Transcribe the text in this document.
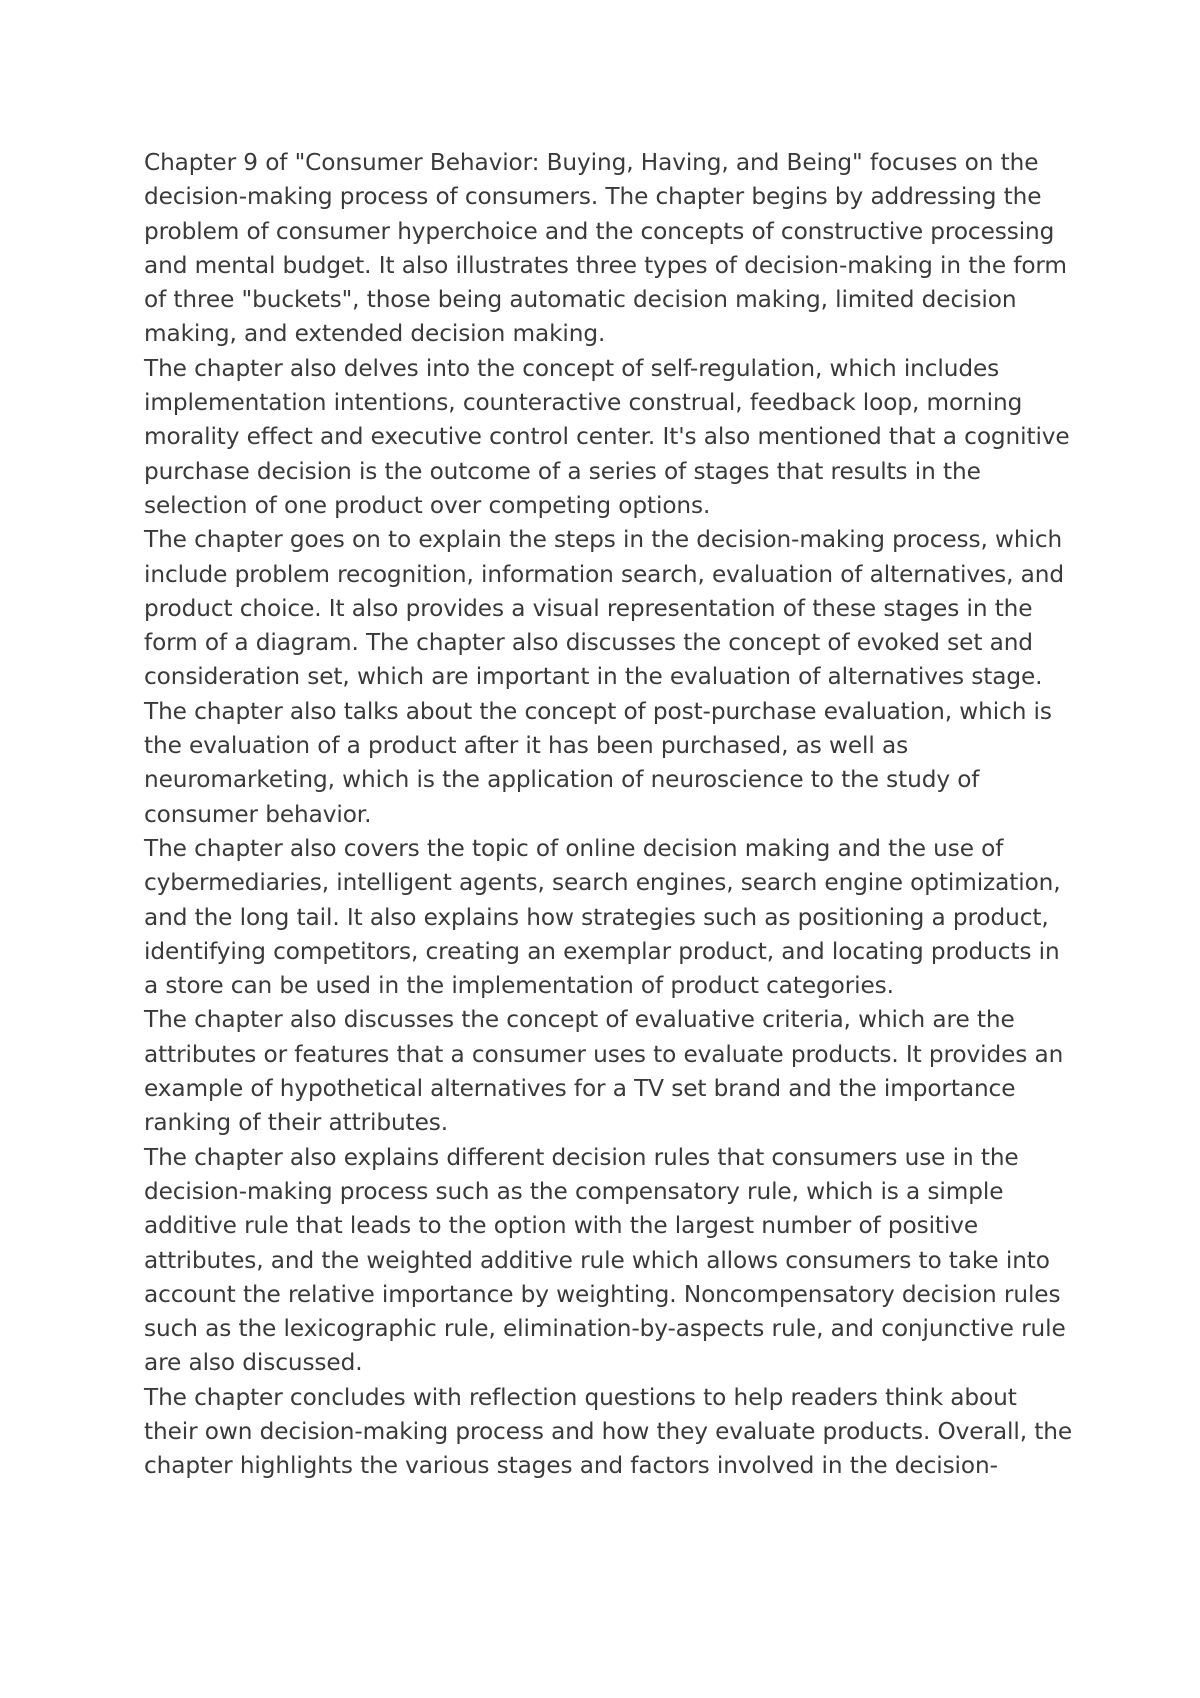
Chapter 9 of "Consumer Behavior: Buying, Having, and Being" focuses on the decision-making process of consumers. The chapter begins by addressing the problem of consumer hyperchoice and the concepts of constructive processing and mental budget. It also illustrates three types of decision-making in the form of three "buckets", those being automatic decision making, limited decision making, and extended decision making.

The chapter also delves into the concept of self-regulation, which includes implementation intentions, counteractive construal, feedback loop, morning morality effect and executive control center. It's also mentioned that a cognitive purchase decision is the outcome of a series of stages that results in the selection of one product over competing options.

The chapter goes on to explain the steps in the decision-making process, which include problem recognition, information search, evaluation of alternatives, and product choice. It also provides a visual representation of these stages in the form of a diagram. The chapter also discusses the concept of evoked set and consideration set, which are important in the evaluation of alternatives stage.

The chapter also talks about the concept of post-purchase evaluation, which is the evaluation of a product after it has been purchased, as well as neuromarketing, which is the application of neuroscience to the study of consumer behavior.

The chapter also covers the topic of online decision making and the use of cybermediaries, intelligent agents, search engines, search engine optimization, and the long tail. It also explains how strategies such as positioning a product, identifying competitors, creating an exemplar product, and locating products in a store can be used in the implementation of product categories.

The chapter also discusses the concept of evaluative criteria, which are the attributes or features that a consumer uses to evaluate products. It provides an example of hypothetical alternatives for a TV set brand and the importance ranking of their attributes.

The chapter also explains different decision rules that consumers use in the decision-making process such as the compensatory rule, which is a simple additive rule that leads to the option with the largest number of positive attributes, and the weighted additive rule which allows consumers to take into account the relative importance by weighting. Noncompensatory decision rules such as the lexicographic rule, elimination-by-aspects rule, and conjunctive rule are also discussed.

The chapter concludes with reflection questions to help readers think about their own decision-making process and how they evaluate products. Overall, the chapter highlights the various stages and factors involved in the decision-
